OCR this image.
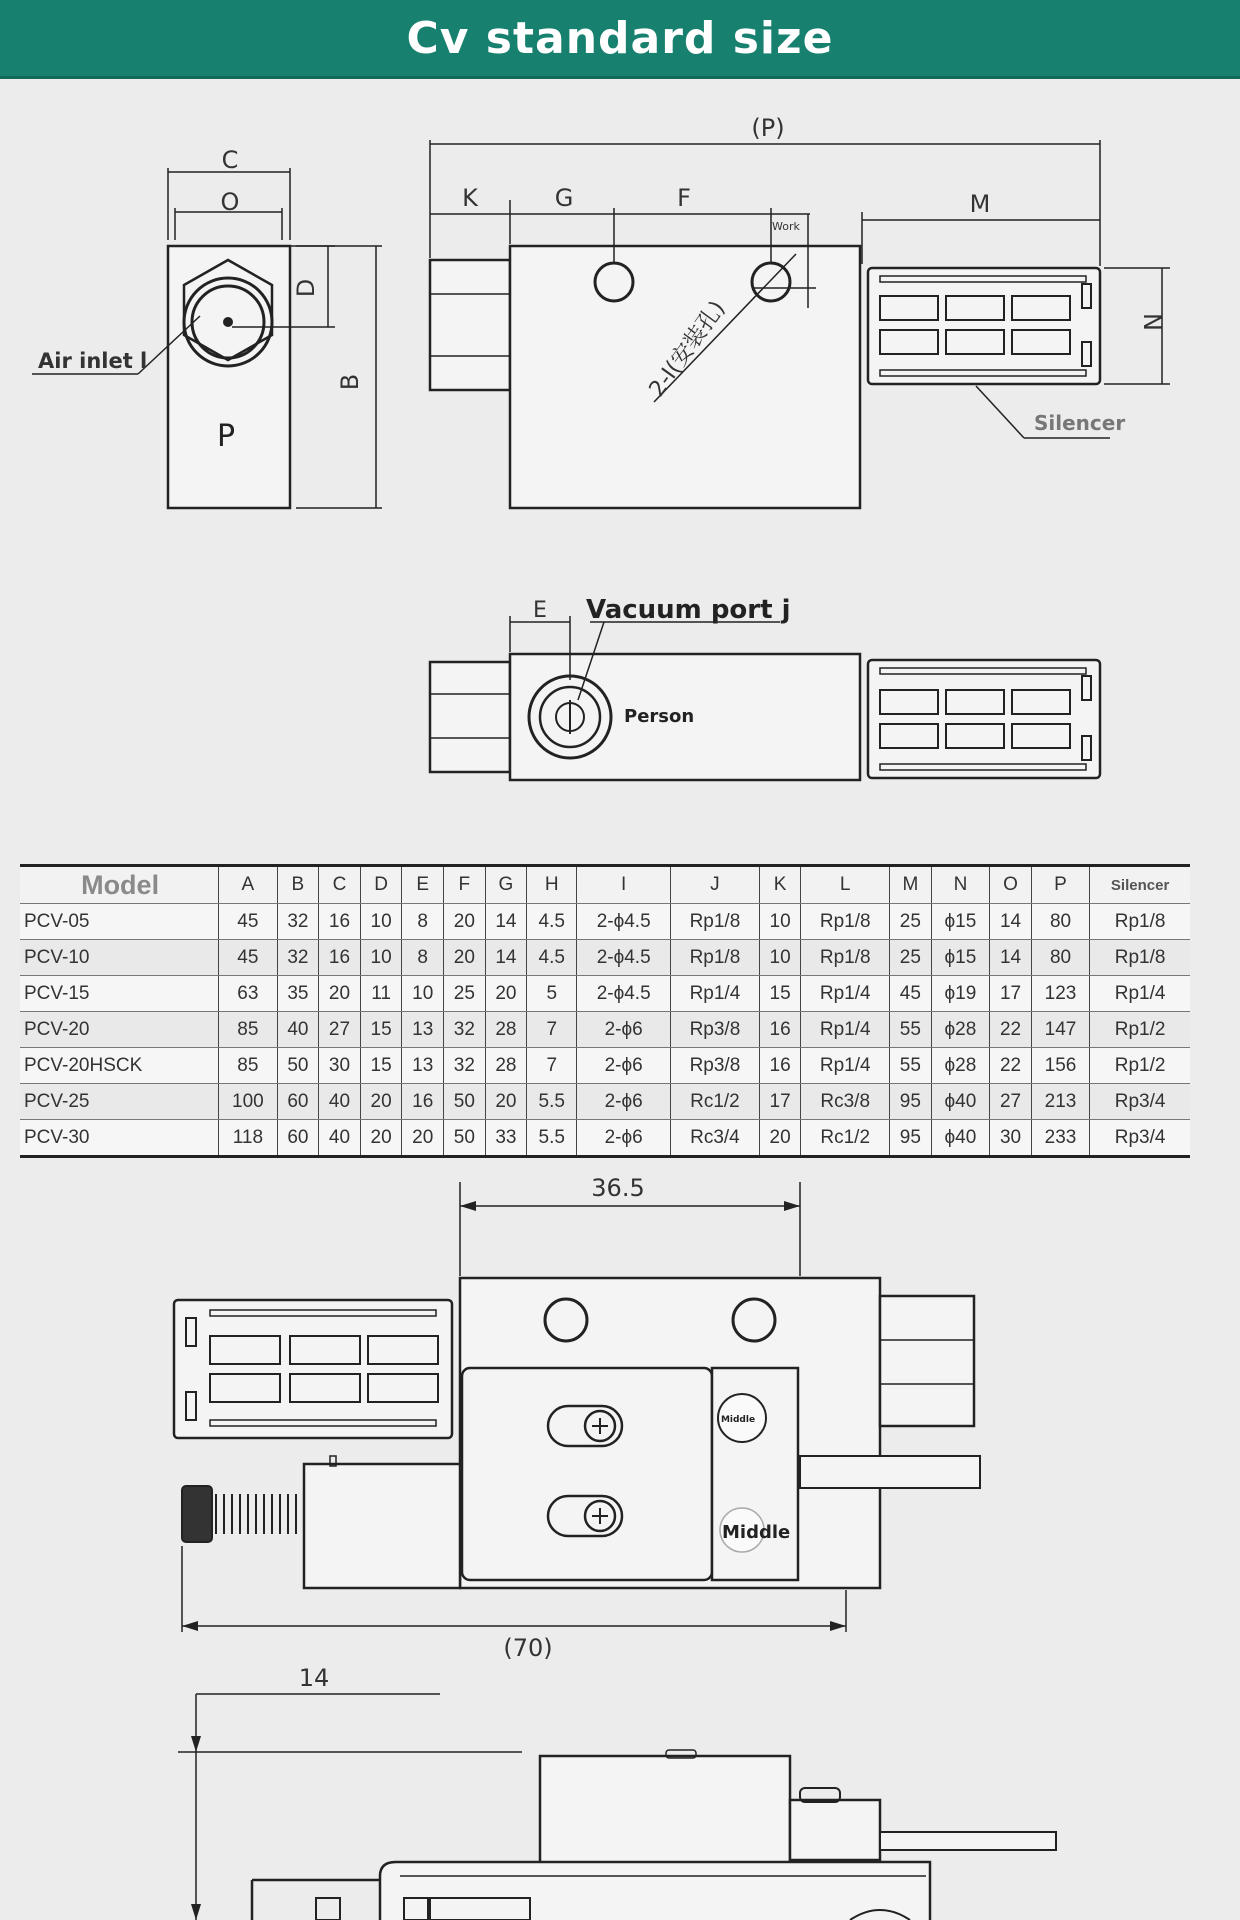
Cv standard size
C
O
D
B
Air inlet l
P
(P)
K	G	F	M
N
Work
2-I(安装孔)
Silencer
E Vacuum port j
Person
36.5
(70)
Middle
Middle
14
Model	A	B	C	D	E	F	G	H	I	J	K	L	M	N	O	P	Silencer
PCV-05	45	32	16	10	8	20	14	4.5	2-ϕ4.5	Rp1/8	10	Rp1/8	25	ϕ15	14	80	Rp1/8
PCV-10	45	32	16	10	8	20	14	4.5	2-ϕ4.5	Rp1/8	10	Rp1/8	25	ϕ15	14	80	Rp1/8
PCV-15	63	35	20	11	10	25	20	5	2-ϕ4.5	Rp1/4	15	Rp1/4	45	ϕ19	17	123	Rp1/4
PCV-20	85	40	27	15	13	32	28	7	2-ϕ6	Rp3/8	16	Rp1/4	55	ϕ28	22	147	Rp1/2
PCV-20HSCK	85	50	30	15	13	32	28	7	2-ϕ6	Rp3/8	16	Rp1/4	55	ϕ28	22	156	Rp1/2
PCV-25	100	60	40	20	16	50	20	5.5	2-ϕ6	Rc1/2	17	Rc3/8	95	ϕ40	27	213	Rp3/4
PCV-30	118	60	40	20	20	50	33	5.5	2-ϕ6	Rc3/4	20	Rc1/2	95	ϕ40	30	233	Rp3/4
